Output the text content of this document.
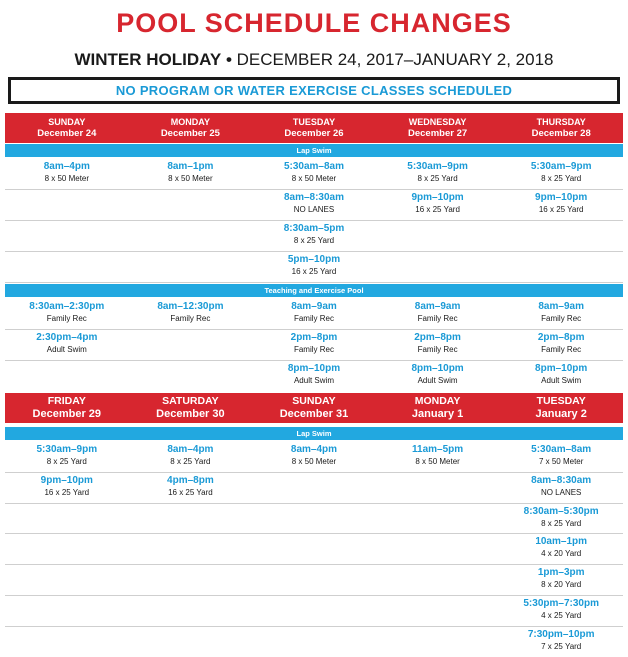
POOL SCHEDULE CHANGES
WINTER HOLIDAY • DECEMBER 24, 2017–JANUARY 2, 2018
NO PROGRAM OR WATER EXERCISE CLASSES SCHEDULED
SUNDAY
December 24
MONDAY
December 25
TUESDAY
December 26
WEDNESDAY
December 27
THURSDAY
December 28
Lap Swim
8am–4pm
8 x 50 Meter
8am–1pm
8 x 50 Meter
5:30am–8am
8 x 50 Meter
5:30am–9pm
8 x 25 Yard
5:30am–9pm
8 x 25 Yard
8am–8:30am
NO LANES
9pm–10pm
16 x 25 Yard
9pm–10pm
16 x 25 Yard
8:30am–5pm
8 x 25 Yard
5pm–10pm
16 x 25 Yard
Teaching and Exercise Pool
8:30am–2:30pm
Family Rec
8am–12:30pm
Family Rec
8am–9am
Family Rec
8am–9am
Family Rec
8am–9am
Family Rec
2:30pm–4pm
Adult Swim
2pm–8pm
Family Rec
2pm–8pm
Family Rec
2pm–8pm
Family Rec
8pm–10pm
Adult Swim
8pm–10pm
Adult Swim
8pm–10pm
Adult Swim
FRIDAY
December 29
SATURDAY
December 30
SUNDAY
December 31
MONDAY
January 1
TUESDAY
January 2
Lap Swim
5:30am–9pm
8 x 25 Yard
8am–4pm
8 x 25 Yard
8am–4pm
8 x 50 Meter
11am–5pm
8 x 50 Meter
5:30am–8am
7 x 50 Meter
9pm–10pm
16 x 25 Yard
4pm–8pm
16 x 25 Yard
8am–8:30am
NO LANES
8:30am–5:30pm
8 x 25 Yard
10am–1pm
4 x 20 Yard
1pm–3pm
8 x 20 Yard
5:30pm–7:30pm
4 x 25 Yard
7:30pm–10pm
7 x 25 Yard
